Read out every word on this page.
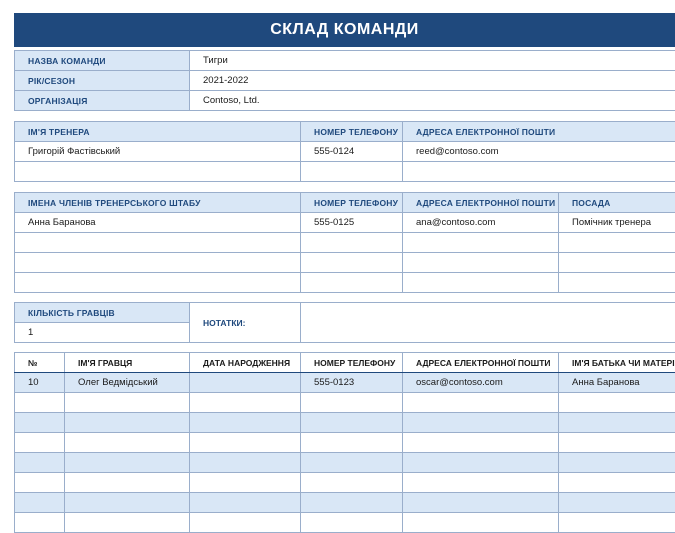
СКЛАД КОМАНДИ
НАЗВА КОМАНДИ	Тигри
РІК/СЕЗОН	2021-2022
ОРГАНІЗАЦІЯ	Contoso, Ltd.
ІМ'Я ТРЕНЕРА	НОМЕР ТЕЛЕФОНУ	АДРЕСА ЕЛЕКТРОННОЇ ПОШТИ
Григорій Фастівський	555-0124	reed@contoso.com

ІМЕНА ЧЛЕНІВ ТРЕНЕРСЬКОГО ШТАБУ	НОМЕР ТЕЛЕФОНУ	АДРЕСА ЕЛЕКТРОННОЇ ПОШТИ	ПОСАДА
Анна Баранова	555-0125	ana@contoso.com	Помічник тренера

КІЛЬКІСТЬ ГРАВЦІВ	НОТАТКИ:	
1
№	ІМ'Я ГРАВЦЯ	ДАТА НАРОДЖЕННЯ	НОМЕР ТЕЛЕФОНУ	АДРЕСА ЕЛЕКТРОННОЇ ПОШТИ	ІМ'Я БАТЬКА ЧИ МАТЕРІ
10	Олег Ведмідський		555-0123	oscar@contoso.com	Анна Баранова
